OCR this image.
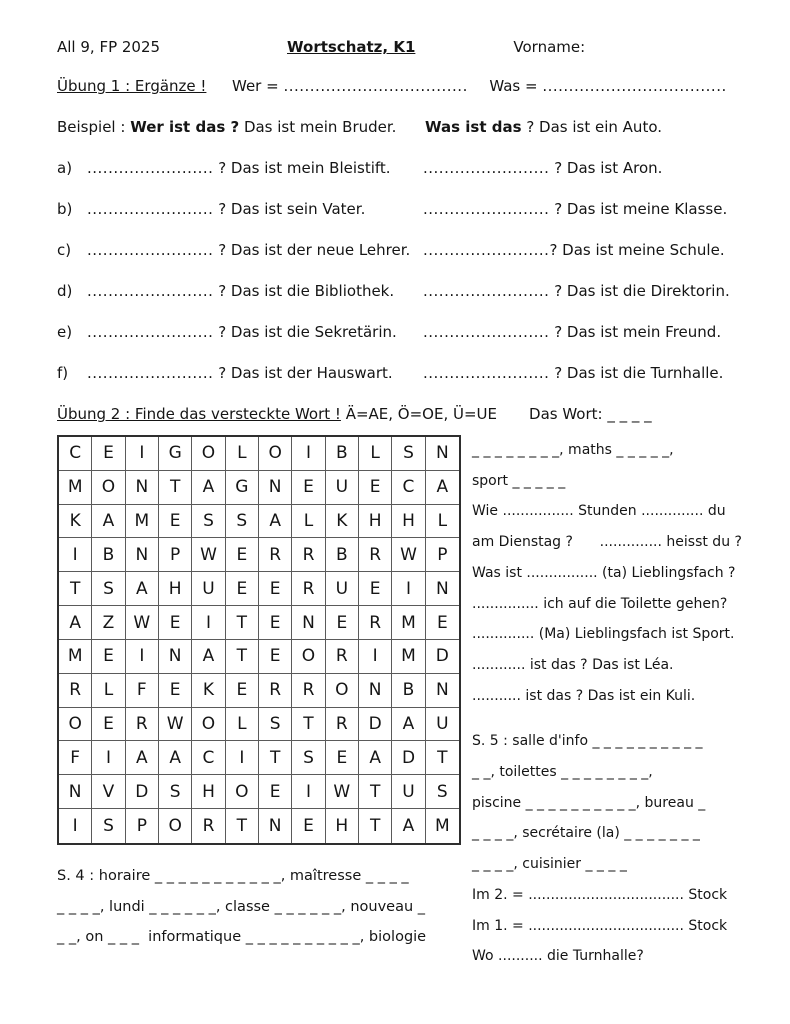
All 9, FP 2025	Wortschatz, K1	Vorname:
Übung 1 : Ergänze !	Wer = .................................. . Was = .................................. .
Beispiel : Wer ist das ? Das ist mein Bruder.	Was ist das ? Das ist ein Auto.
a) ........................ ? Das ist mein Bleistift.	........................ ? Das ist Aron.
b) ........................ ? Das ist sein Vater.	........................ ? Das ist meine Klasse.
c)	........................ ? Das ist der neue Lehrer. ........................? Das ist meine Schule.
d) ........................ ? Das ist die Bibliothek.	........................ ? Das ist die Direktorin.
e) ........................ ? Das ist die Sekretärin.	........................ ? Das ist mein Freund.
f)	........................ ? Das ist der Hauswart.	........................ ? Das ist die Turnhalle.
Übung 2 : Finde das versteckte Wort ! Ä=AE, Ö=OE, Ü=UE Das Wort: _ _ _ _
C	E	I	G	O	L	O	I	B	L	S	N
M	O	N	T	A	G	N	E	U	E	C	A
K	A	M	E	S	S	A	L	K	H	H	L
I	B	N	P	W	E	R	R	B	R	W	P
T	S	A	H	U	E	E	R	U	E	I	N
A	Z	W	E	I	T	E	N	E	R	M	E
M	E	I	N	A	T	E	O	R	I	M	D
R	L	F	E	K	E	R	R	O	N	B	N
O	E	R	W	O	L	S	T	R	D	A	U
F	I	A	A	C	I	T	S	E	A	D	T
N	V	D	S	H	O	E	I	W	T	U	S
I	S	P	O	R	T	N	E	H	T	A	M
S. 4 : horaire _ _ _ _ _ _ _ _ _ _ _, maîtresse _ _ _ _
_ _ _ _, lundi _ _ _ _ _ _, classe _ _ _ _ _ _, nouveau _
_ _, on _ _ _  informatique _ _ _ _ _ _ _ _ _ _, biologie
_ _ _ _ _ _ _ _, maths _ _ _ _ _,
sport _ _ _ _ _
Wie ................ Stunden .............. du
am Dienstag ?      .............. heisst du ?
Was ist ................ (ta) Lieblingsfach ?
............... ich auf die Toilette gehen?
.............. (Ma) Lieblingsfach ist Sport.
............ ist das ? Das ist Léa.
........... ist das ? Das ist ein Kuli.
S. 5 : salle d'info _ _ _ _ _ _ _ _ _ _
_ _, toilettes _ _ _ _ _ _ _ _,
piscine _ _ _ _ _ _ _ _ _ _, bureau _
_ _ _ _, secrétaire (la) _ _ _ _ _ _ _
_ _ _ _, cuisinier _ _ _ _
Im 2. = ................................... Stock
Im 1. = ................................... Stock
Wo .......... die Turnhalle?
